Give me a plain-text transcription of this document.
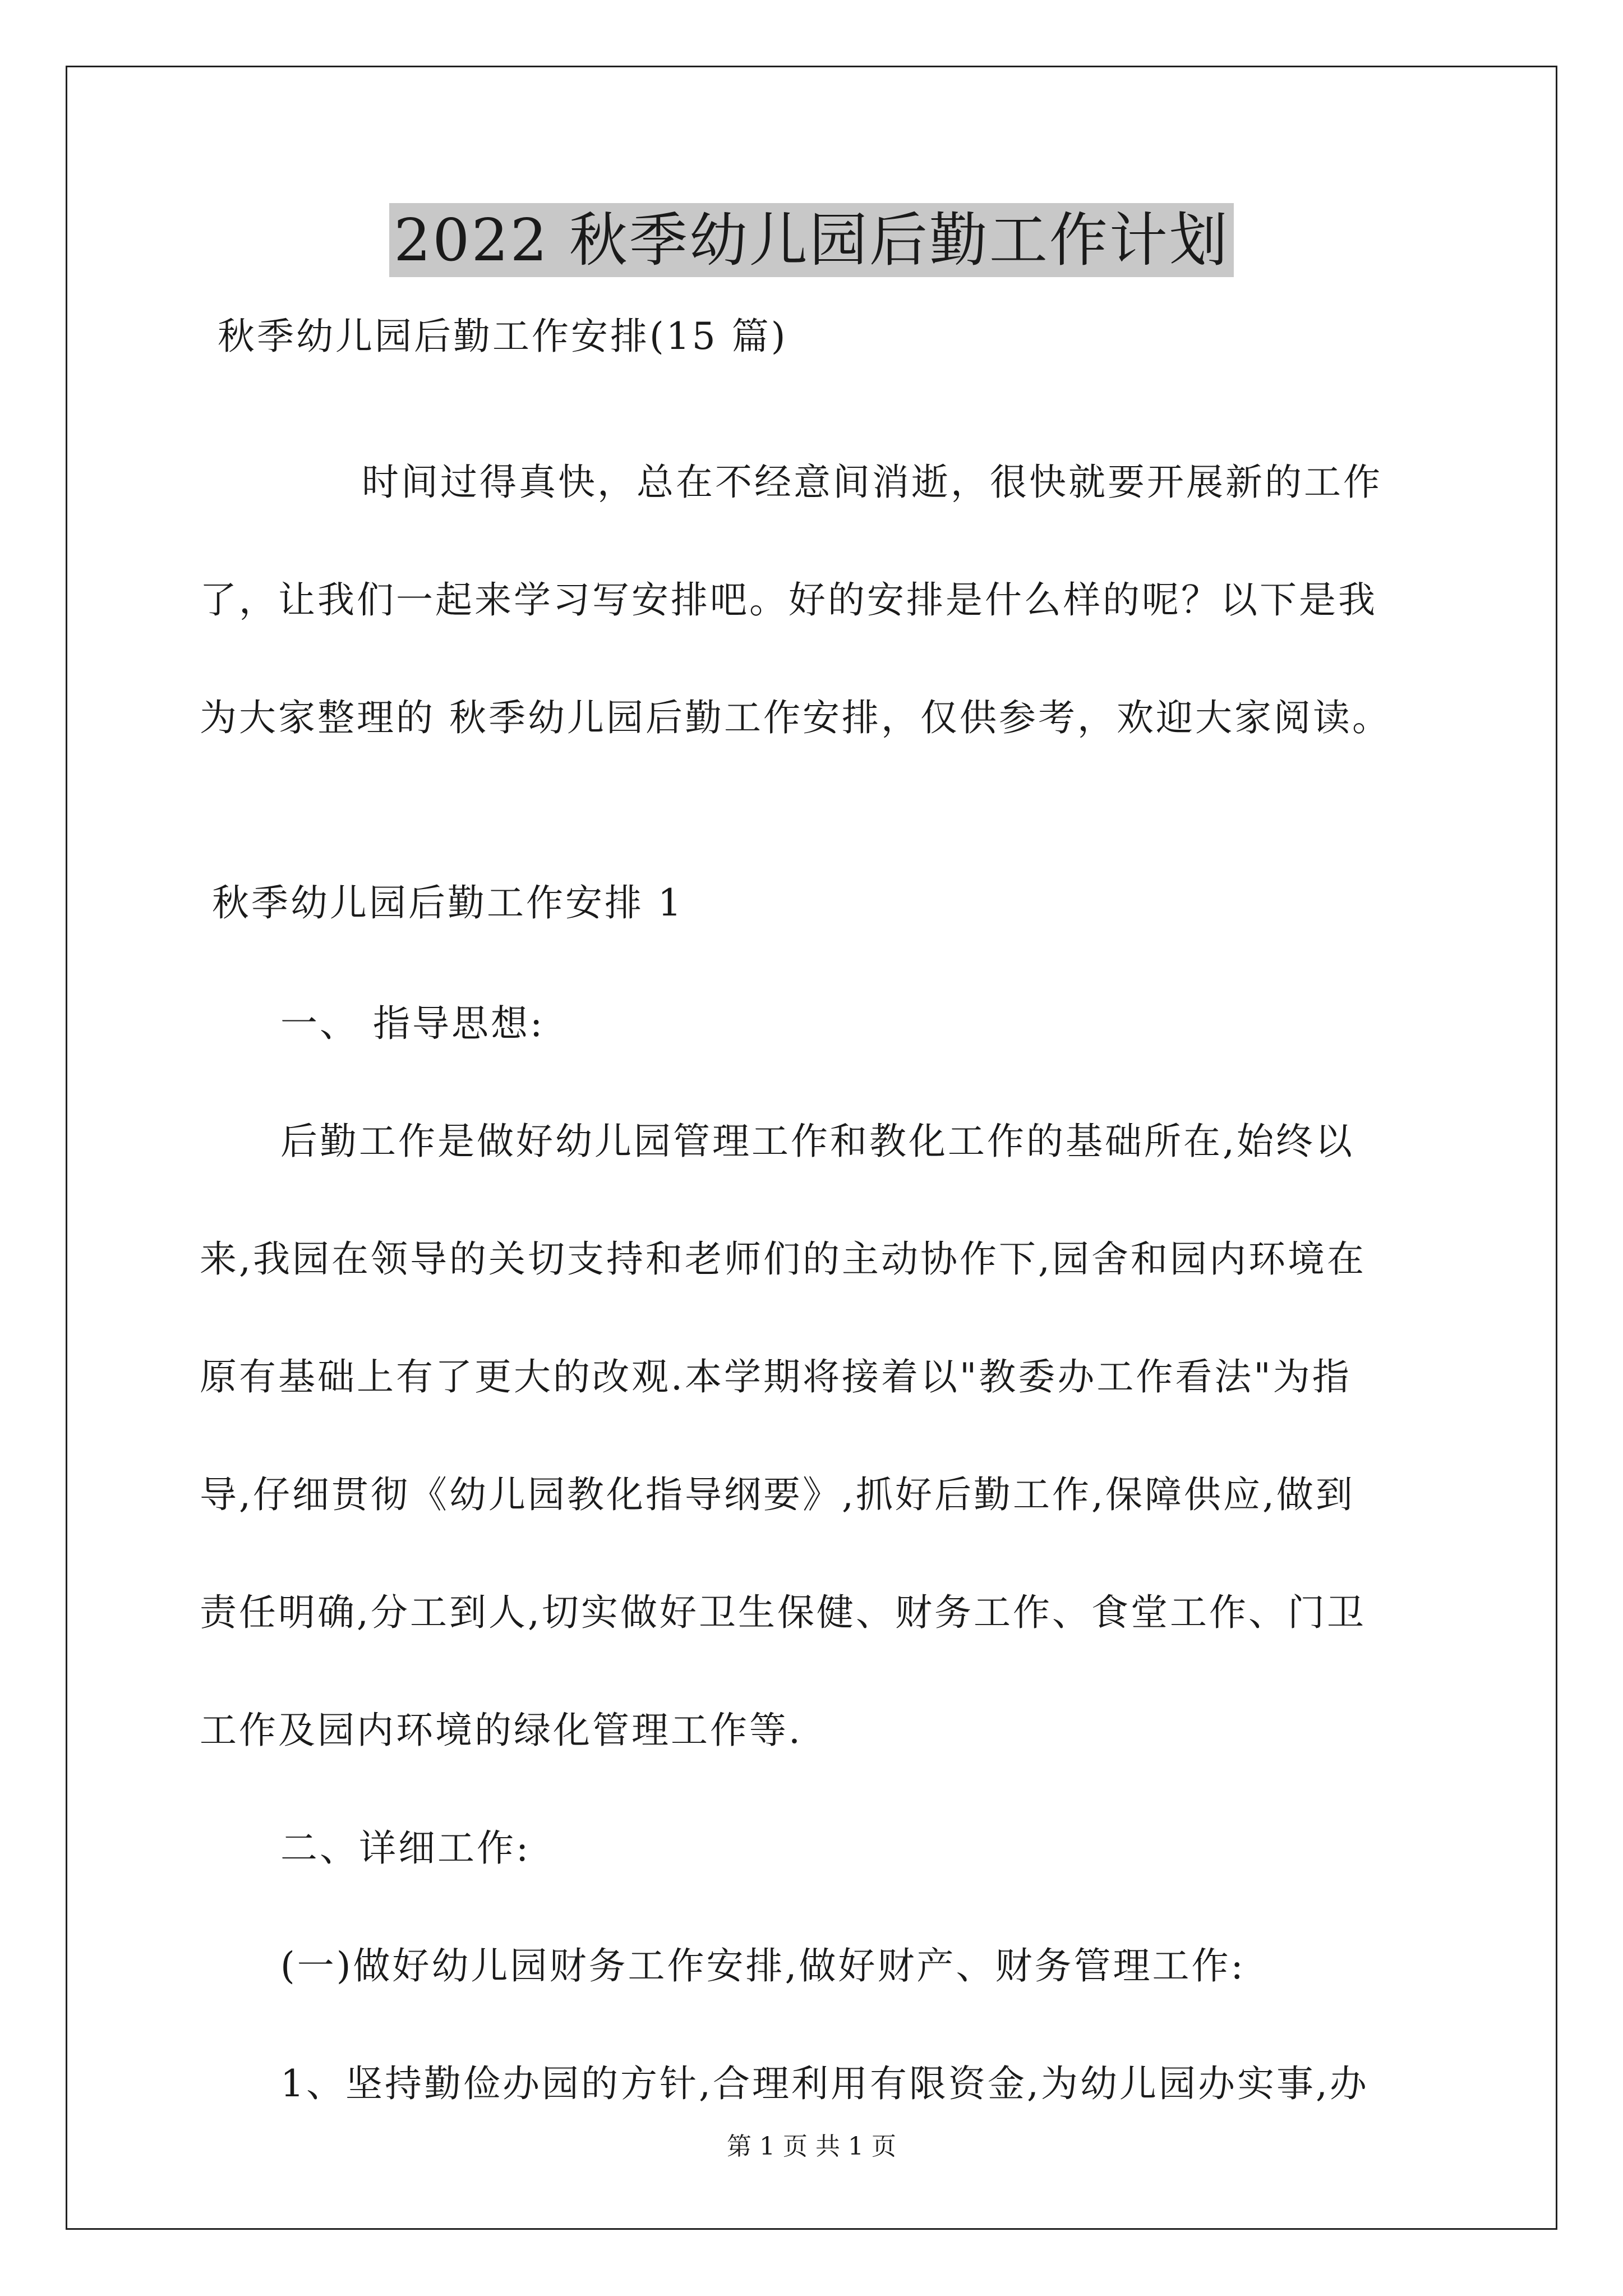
2022 秋季幼儿园后勤工作计划
秋季幼儿园后勤工作安排(15 篇)
时间过得真快，总在不经意间消逝，很快就要开展新的工作
了，让我们一起来学习写安排吧。好的安排是什么样的呢？以下是我
为大家整理的 秋季幼儿园后勤工作安排，仅供参考，欢迎大家阅读。
秋季幼儿园后勤工作安排 1
一、 指导思想:
后勤工作是做好幼儿园管理工作和教化工作的基础所在,始终以
来,我园在领导的关切支持和老师们的主动协作下,园舍和园内环境在
原有基础上有了更大的改观.本学期将接着以"教委办工作看法"为指
导,仔细贯彻《幼儿园教化指导纲要》,抓好后勤工作,保障供应,做到
责任明确,分工到人,切实做好卫生保健、财务工作、食堂工作、门卫
工作及园内环境的绿化管理工作等.
二、详细工作:
(一)做好幼儿园财务工作安排,做好财产、财务管理工作:
1、坚持勤俭办园的方针,合理利用有限资金,为幼儿园办实事,办
第 1 页 共 1 页
